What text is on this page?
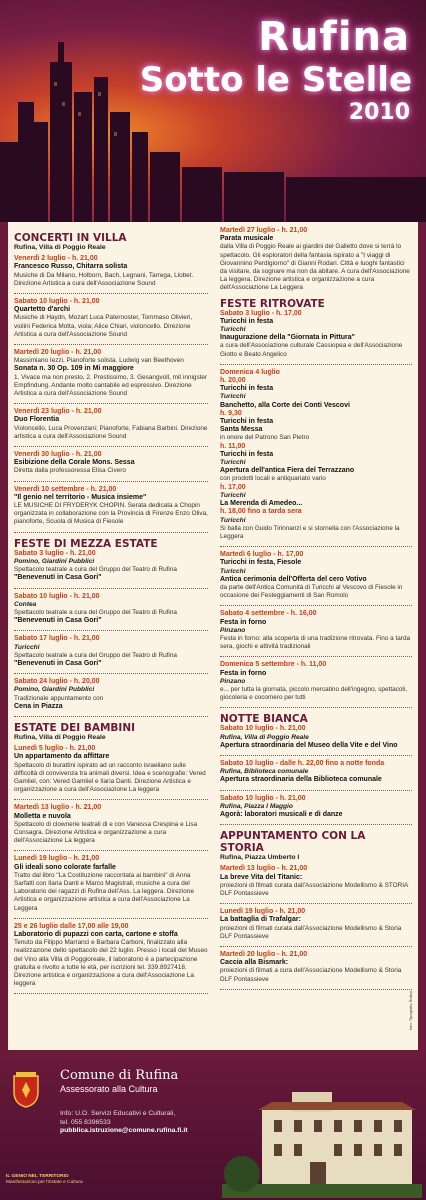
Rufina
Sotto le Stelle
2010
CONCERTI IN VILLA
Rufina, Villa di Poggio Reale
Venerdì 2 luglio - h. 21,00
Francesco Russo, Chitarra solista
Musiche di Da Milano, Holborn, Bach, Legnani, Tarrega, Llobet. Direzione Artistica a cura dell'Associazione Sound
Sabato 10 luglio - h. 21,00
Quartetto d'archi
Musiche di Haydn, Mozart Luca Paternoster, Tommaso Olivieri, violini Federica Motta, viola; Alice Chiari, violoncello. Direzione Artistica a cura dell'Associazione Sound
Martedì 20 luglio - h. 21,00
Massimiano Iezzi, Pianoforte solista. Ludwig van Beethoven
Sonata n. 30 Op. 109 in Mi maggiore
1. Vivace ma non presto, 2. Prestissimo, 3. Gesangvoll, mit innigster Empfindung. Andante molto cantabile ed espressivo. Direzione Artistica a cura dell'Associazione Sound
Venerdì 23 luglio - h. 21,00
Duo Florentia
Violoncello, Luca Provenzani; Pianoforte, Fabiana Barbini. Direzione artistica a cura dell'Associazione Sound
Venerdì 30 luglio - h. 21,00
Esibizione della Corale Mons. Sessa
Diretta dalla professoressa Elisa Civero
Venerdì 10 settembre - h. 21,00
"Il genio nel territorio - Musica insieme"
LE MUSICHE DI FRYDERYK CHOPIN. Serata dedicata a Chopin organizzata in collaborazione con la Provincia di Firenze Enzo Oliva, pianoforte, Scuola di Musica di Fiesole
FESTE DI MEZZA ESTATE
Sabato 3 luglio - h. 21,00
Pomino, Giardini Pubblici
Spettacolo teatrale a cura del Gruppo del Teatro di Rufina
"Benevenuti in Casa Gori"
Sabato 10 luglio - h. 21,00
Contea
Spettacolo teatrale a cura del Gruppo del Teatro di Rufina
"Benevenuti in Casa Gori"
Sabato 17 luglio - h. 21,00
Turicchi
Spettacolo teatrale a cura del Gruppo del Teatro di Rufina
"Benevenuti in Casa Gori"
Sabato 24 luglio - h. 20,00
Pomino, Giardini Pubblici
Tradizionale appuntamento con
Cena in Piazza
ESTATE DEI BAMBINI
Rufina, Villa di Poggio Reale
Lunedì 5 luglio - h. 21,00
Un appartamento da affittare
Spettacolo di burattini ispirato ad un racconto israeliano sulle difficoltà di convivenza tra animali diversi. Idea e scenografie: Vered Gamliel, con: Vered Gamliel e Ilaria Danti. Direzione Artistica e organizzazione a cura dell'Associazione La leggera
Martedì 13 luglio - h. 21,00
Molletta e nuvola
Spettacolo di clownerie teatrali di e con Vanessa Crespina e Lisa Consagra. Direzione Artistica e organizzazione a cura dell'Associazione La leggera
Lunedì 19 luglio - h. 21,00
Gli ideali sono colorate farfalle
Tratto dal libro "La Costituzione raccontata ai bambini" di Anna Sarfatti con Ilaria Danti e Marco Magistrali, musiche a cura del Laboratorio dei ragazzi di Rufina dell'Ass. La leggera. Direzione Artistica e organizzazione artistica a cura dell'Associazione La Leggera
25 e 26 luglio dalle 17,00 alle 19,00
Laboratorio di pupazzi con carta, cartone e stoffa
Tenuto da Filippo Marranci e Barbara Carboni, finalizzato alla realizzazione dello spettacolo del 22 luglio. Presso i locali del Museo del Vino alla Villa di Poggioreale, il laboratorio è a partecipazione gratuita e rivolto a tutte le età, per iscrizioni tel. 339.8927418. Direzione artistica e organizzazione a cura dell'Associazione La leggera
Martedì 27 luglio - h. 21,00
Parata musicale
dalla Villa di Poggio Reale ai giardini del Galletto dove si terrà lo spettacolo. Gli esploratori della fantasia ispirato a "I viaggi di Giovannino Perdigiorno" di Gianni Rodari. Città e luoghi fantastici da visitare, da sognare ma non da abitare. A cura dell'Associazione La leggera. Direzione artistica e organizzazione a cura dell'Associazione La Leggera
FESTE RITROVATE
Sabato 3 luglio - h. 17,00
Turicchi in festa
Turicchi
Inaugurazione della "Giornata in Pittura"
a cura dell'Associazione culturale Cassiopea e dell'Associazione Giotto e Beato Angelico
Domenica 4 luglio
h. 20,00
Turicchi in festa
Turicchi
Banchetto, alla Corte dei Conti Vescovi
h. 9,30
Turicchi in festa
Santa Messa
in onore del Patrono San Pietro
h. 11,00
Turicchi in festa
Turicchi
Apertura dell'antica Fiera del Terrazzano
con prodotti locali e antiquariato vario
h. 17,00
Turicchi
La Merenda di Amedeo...
h. 18,00 fino a tarda sera
Turicchi
Si balla con Guido Tirinnanzi e si stornella con l'Associazione la Leggera
Martedì 6 luglio - h. 17,00
Turicchi in festa, Fiesole
Turicchi
Antica cerimonia dell'Offerta del cero Votivo
da parte dell'Antica Comunità di Turicchi al Vescovo di Fiesole in occasione dei Festeggiamenti di San Romolo
Sabato 4 settembre - h. 16,00
Festa in forno
Pinzano
Festa in forno: alla scoperta di una tradizione ritrovata. Fino a tarda sera, giochi e attività tradizionali
Domenica 5 settembre - h. 11,00
Festa in forno
Pinzano
e... per tutta la giornata, piccolo mercatino dell'ingegno, spettacoli, giocoleria e cocomero per tutti
NOTTE BIANCA
Sabato 10 luglio - h. 21,00
Rufina, Villa di Poggio Reale
Apertura straordinaria del Museo della Vite e del Vino
Sabato 10 luglio - dalle h. 22,00 fino a notte fonda
Rufina, Biblioteca comunale
Apertura straordinaria della Biblioteca comunale
Sabato 10 luglio - h. 21,00
Rufina, Piazza I Maggio
Agorà: laboratori musicali e di danze
APPUNTAMENTO CON LA STORIA
Rufina, Piazza Umberto I
Martedì 13 luglio - h. 21,00
La breve Vita del Titanic:
proiezioni di filmati curata dall'Associazione Modellismo & STORIA DLF Pontassieve
Lunedì 19 luglio - h. 21,00
La battaglia di Trafalgar:
proiezioni di filmati curata dall'Associazione Modellismo & Storia DLF Pontassieve
Martedì 20 luglio - h. 21,00
Caccia alla Bismark:
proiezioni di filmati a cura dell'Associazione Modellismo & Storia DLF Pontassieve
Comune di Rufina
Assessorato alla Cultura
Info: U.O. Servizi Educativi e Culturali,
tel. 055 8396533
pubblica.istruzione@comune.rufina.fi.it
IL GENIO NEL TERRITORIO
Manifestazioni per l'Estate e Cultura
foto: Tipografia Rufina
